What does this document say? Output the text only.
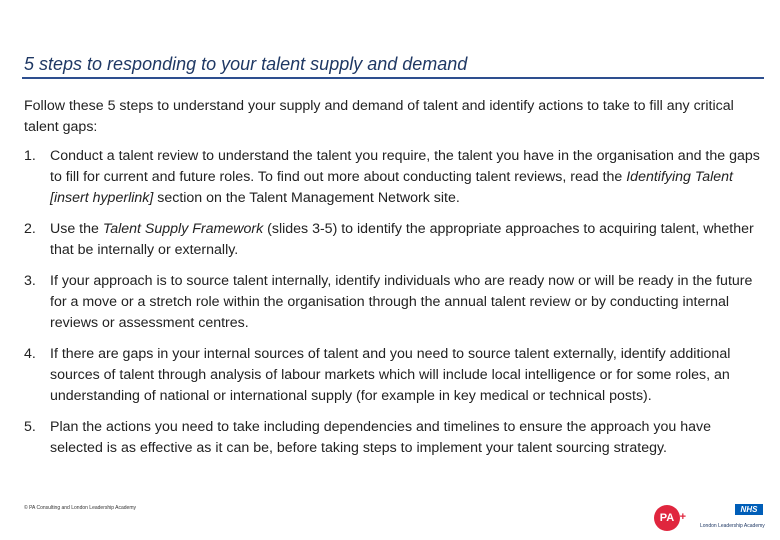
5 steps to responding to your talent supply and demand

Follow these 5 steps to understand your supply and demand of talent and identify actions to take to fill any critical talent gaps:

1. Conduct a talent review to understand the talent you require, the talent you have in the organisation and the gaps to fill for current and future roles. To find out more about conducting talent reviews, read the Identifying Talent [insert hyperlink] section on the Talent Management Network site.
2. Use the Talent Supply Framework (slides 3-5) to identify the appropriate approaches to acquiring talent, whether that be internally or externally.
3. If your approach is to source talent internally, identify individuals who are ready now or will be ready in the future for a move or a stretch role within the organisation through the annual talent review or by conducting internal reviews or assessment centres.
4. If there are gaps in your internal sources of talent and you need to source talent externally, identify additional sources of talent through analysis of labour markets which will include local intelligence or for some roles, an understanding of national or international supply (for example in key medical or technical posts).
5. Plan the actions you need to take including dependencies and timelines to ensure the approach you have selected is as effective as it can be, before taking steps to implement your talent sourcing strategy.
© PA Consulting and London Leadership Academy
PA +
NHS
London Leadership Academy
